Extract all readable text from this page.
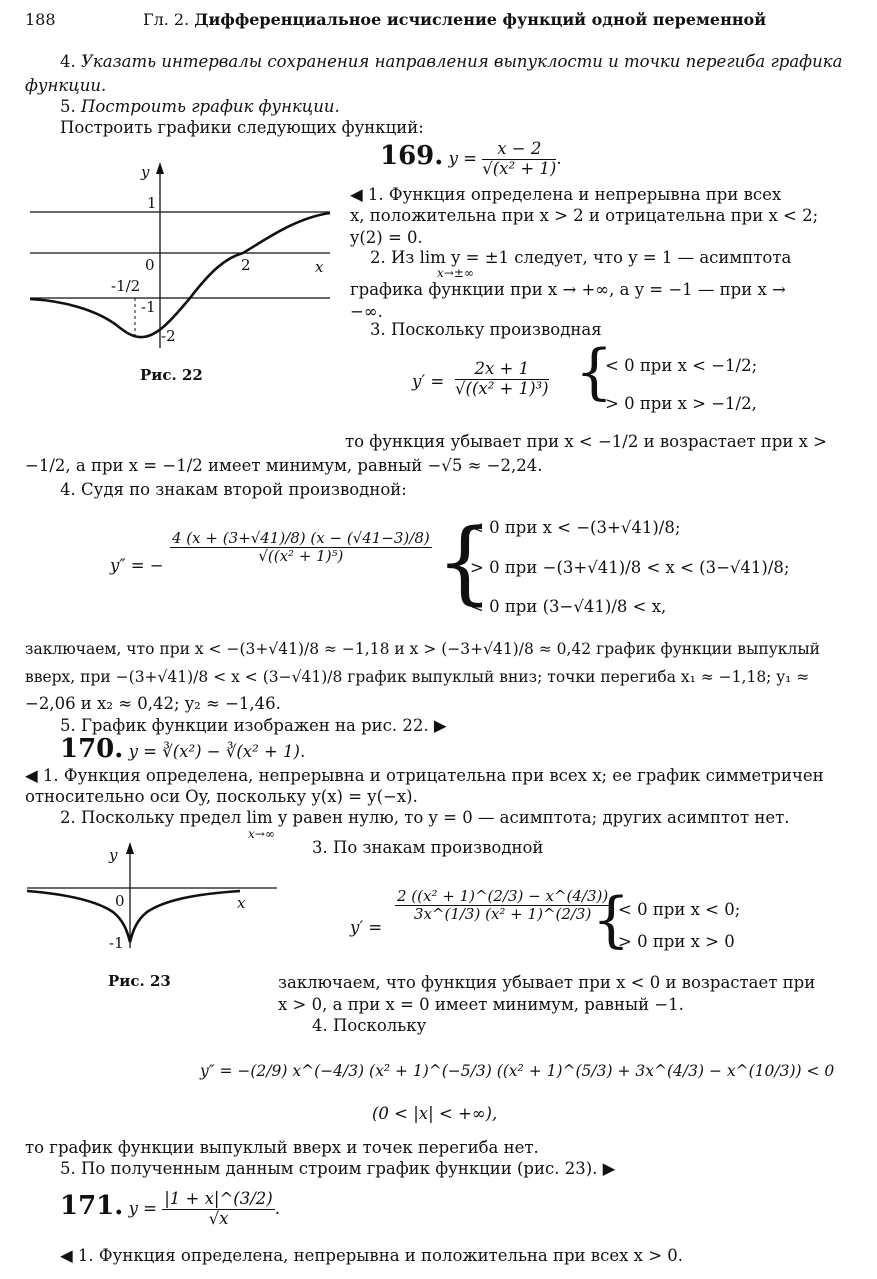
188	Гл. 2. Дифференциальное исчисление функций одной переменной
4. Указать интервалы сохранения направления выпуклости и точки перегиба графика
функции.
5. Построить график функции.
Построить графики следующих функций:
169. $y = \frac{x - 2}{\text{√(x² + 1)}}$ .
◀ 1. Функция определена и непрерывна при всех
x, положительна при x > 2 и отрицательна при x < 2;
y(2) = 0.
2. Из lim y = ±1 следует, что y = 1 — асимптота
x→±∞
графика функции при x → +∞, а y = −1 — при x →
−∞.
3. Поскольку производная
$y' = \frac{2x + 1}{\text{√((x² + 1)³)}}$ {
< 0 при x < −1/2;
> 0 при x > −1/2,
то функция убывает при x < −1/2 и возрастает при x >
−1/2, а при x = −1/2 имеет минимум, равный −√5 ≈ −2,24.
4. Судя по знакам второй производной:
y″ = − $\frac{4 (x + (3+√41)/8) (x - (√41-3)/8)}{\text{√((x² + 1)⁵)}}$ {
< 0 при x < −(3+√41)/8;
> 0 при −(3+√41)/8 < x < (3−√41)/8;
< 0 при (3−√41)/8 < x,
заключаем, что при x < −(3+√41)/8 ≈ −1,18 и x > (−3+√41)/8 ≈ 0,42 график функции выпуклый
вверх, при −(3+√41)/8 < x < (3−√41)/8 график выпуклый вниз; точки перегиба x₁ ≈ −1,18; y₁ ≈
−2,06 и x₂ ≈ 0,42; y₂ ≈ −1,46.
5. График функции изображен на рис. 22. ▶
y
1
0	2	x
-1/2
-1
-2
Рис. 22
170. y = ∛(x²) − ∛(x² + 1).
◀ 1. Функция определена, непрерывна и отрицательна при всех x; ее график симметричен
относительно оси Oy, поскольку y(x) = y(−x).
2. Поскольку предел lim y равен нулю, то y = 0 — асимптота; других асимптот нет.
x→∞
3. По знакам производной
y′ =
$\frac{\text{2 ((x² + 1)\textasciicircum{}(2/3) − x\textasciicircum{}(4/3))}}{\text{3x\textasciicircum{}(1/3) (x² + 1)\textasciicircum{}(2/3)}}$
{
< 0 при x < 0;
> 0 при x > 0
заключаем, что функция убывает при x < 0 и возрастает при
x > 0, а при x = 0 имеет минимум, равный −1.
4. Поскольку
y″ = −(2/9) x^(−4/3) (x² + 1)^(−5/3) ((x² + 1)^(5/3) + 3x^(4/3) − x^(10/3)) < 0
(0 < |x| < +∞),
то график функции выпуклый вверх и точек перегиба нет.
5. По полученным данным строим график функции (рис. 23). ▶
y
0	x
-1
Рис. 23
171. $y = \frac{|1 + x|\^{}(3/2)}{√x}$ .
◀ 1. Функция определена, непрерывна и положительна при всех x > 0.
